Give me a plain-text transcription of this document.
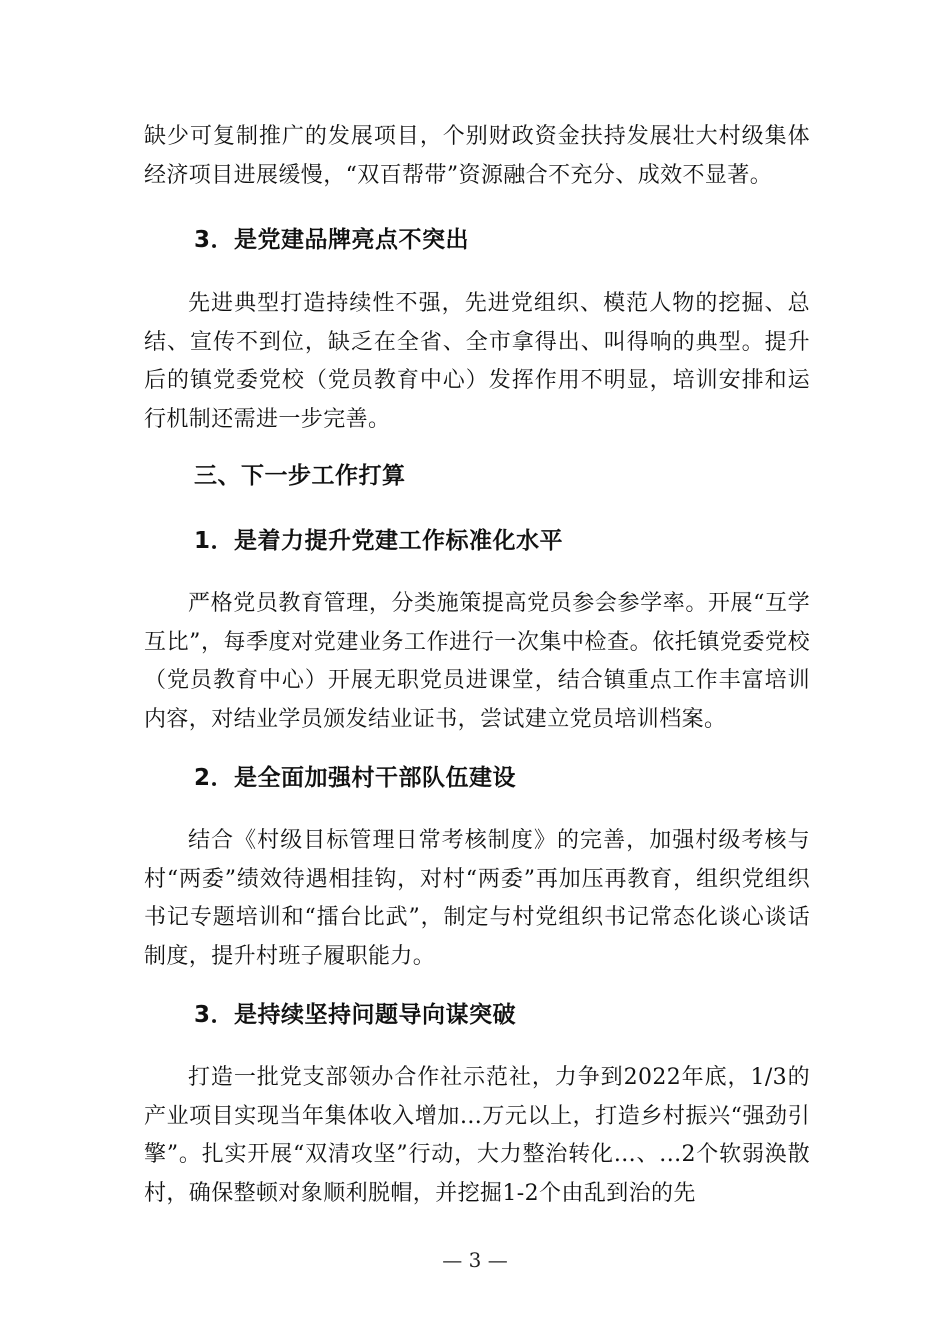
缺少可复制推广的发展项目，个别财政资金扶持发展壮大村级集体经济项目进展缓慢，“双百帮带”资源融合不充分、成效不显著。

3．是党建品牌亮点不突出

先进典型打造持续性不强，先进党组织、模范人物的挖掘、总结、宣传不到位，缺乏在全省、全市拿得出、叫得响的典型。提升后的镇党委党校（党员教育中心）发挥作用不明显，培训安排和运行机制还需进一步完善。

三、下一步工作打算
1．是着力提升党建工作标准化水平

严格党员教育管理，分类施策提高党员参会参学率。开展“互学互比”，每季度对党建业务工作进行一次集中检查。依托镇党委党校（党员教育中心）开展无职党员进课堂，结合镇重点工作丰富培训内容，对结业学员颁发结业证书，尝试建立党员培训档案。

2．是全面加强村干部队伍建设

结合《村级目标管理日常考核制度》的完善，加强村级考核与村“两委”绩效待遇相挂钩，对村“两委”再加压再教育，组织党组织书记专题培训和“擂台比武”，制定与村党组织书记常态化谈心谈话制度，提升村班子履职能力。

3．是持续坚持问题导向谋突破

打造一批党支部领办合作社示范社，力争到2022年底，1/3的产业项目实现当年集体收入增加...万元以上，打造乡村振兴“强劲引擎”。扎实开展“双清攻坚”行动，大力整治转化...、...2个软弱涣散村，确保整顿对象顺利脱帽，并挖掘1-2个由乱到治的先

— 3 —
